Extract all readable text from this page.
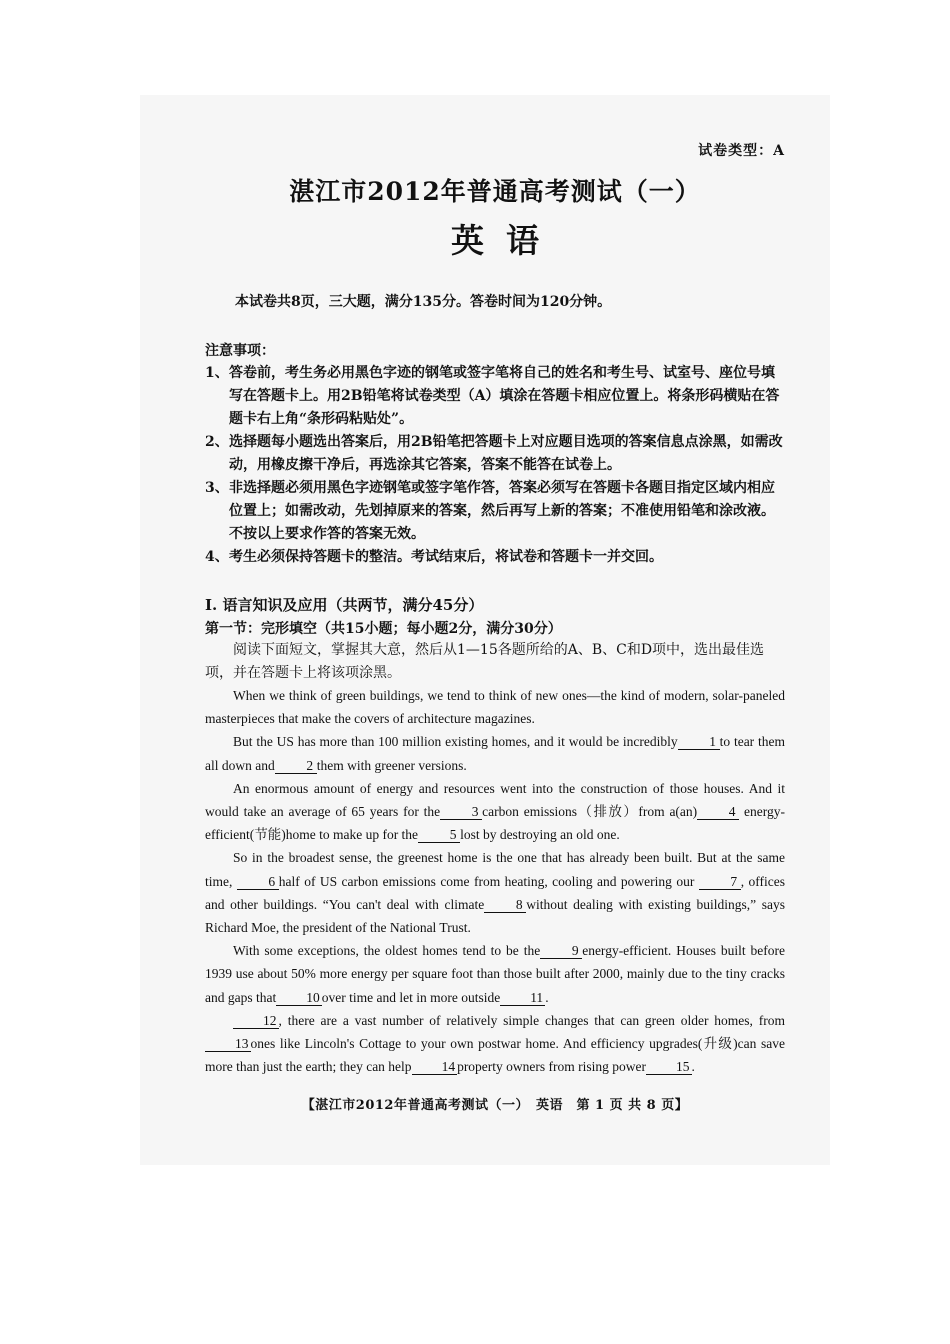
试卷类型：A
湛江市2012年普通高考测试（一）
英语
本试卷共8页，三大题，满分135分。答卷时间为120分钟。
注意事项：
1、 答卷前，考生务必用黑色字迹的钢笔或签字笔将自己的姓名和考生号、试室号、座位号填写在答题卡上。用2B铅笔将试卷类型（A）填涂在答题卡相应位置上。将条形码横贴在答题卡右上角“条形码粘贴处”。
2、 选择题每小题选出答案后，用2B铅笔把答题卡上对应题目选项的答案信息点涂黑，如需改动，用橡皮擦干净后，再选涂其它答案，答案不能答在试卷上。
3、 非选择题必须用黑色字迹钢笔或签字笔作答，答案必须写在答题卡各题目指定区域内相应位置上；如需改动，先划掉原来的答案，然后再写上新的答案；不准使用铅笔和涂改液。不按以上要求作答的答案无效。
4、 考生必须保持答题卡的整洁。考试结束后，将试卷和答题卡一并交回。
Ⅰ. 语言知识及应用（共两节，满分45分）
第一节：完形填空（共15小题；每小题2分，满分30分）
阅读下面短文，掌握其大意，然后从1—15各题所给的A、B、C和D项中，选出最佳选项，并在答题卡上将该项涂黑。

When we think of green buildings, we tend to think of new ones—the kind of modern, solar-paneled masterpieces that make the covers of architecture magazines.

But the US has more than 100 million existing homes, and it would be incredibly 1 to tear them all down and 2 them with greener versions.

An enormous amount of energy and resources went into the construction of those houses. And it would take an average of 65 years for the 3 carbon emissions（排放）from a(an) 4 energy-efficient(节能)home to make up for the 5 lost by destroying an old one.

So in the broadest sense, the greenest home is the one that has already been built. But at the same time,	6 half of US carbon emissions come from heating, cooling and powering our	7 , offices and other buildings. “You can't deal with climate 8 without dealing with existing buildings,” says Richard Moe, the president of the National Trust.

With some exceptions, the oldest homes tend to be the 9 energy-efficient. Houses built before 1939 use about 50% more energy per square foot than those built after 2000, mainly due to the tiny cracks and gaps that 10 over time and let in more outside 11 .

12 , there are a vast number of relatively simple changes that can green older homes, from 13 ones like Lincoln's Cottage to your own postwar home. And efficiency upgrades(升级)can save more than just the earth; they can help 14 property owners from rising power 15 .

【湛江市2012年普通高考测试（一）　英语　第 1 页 共 8 页】
